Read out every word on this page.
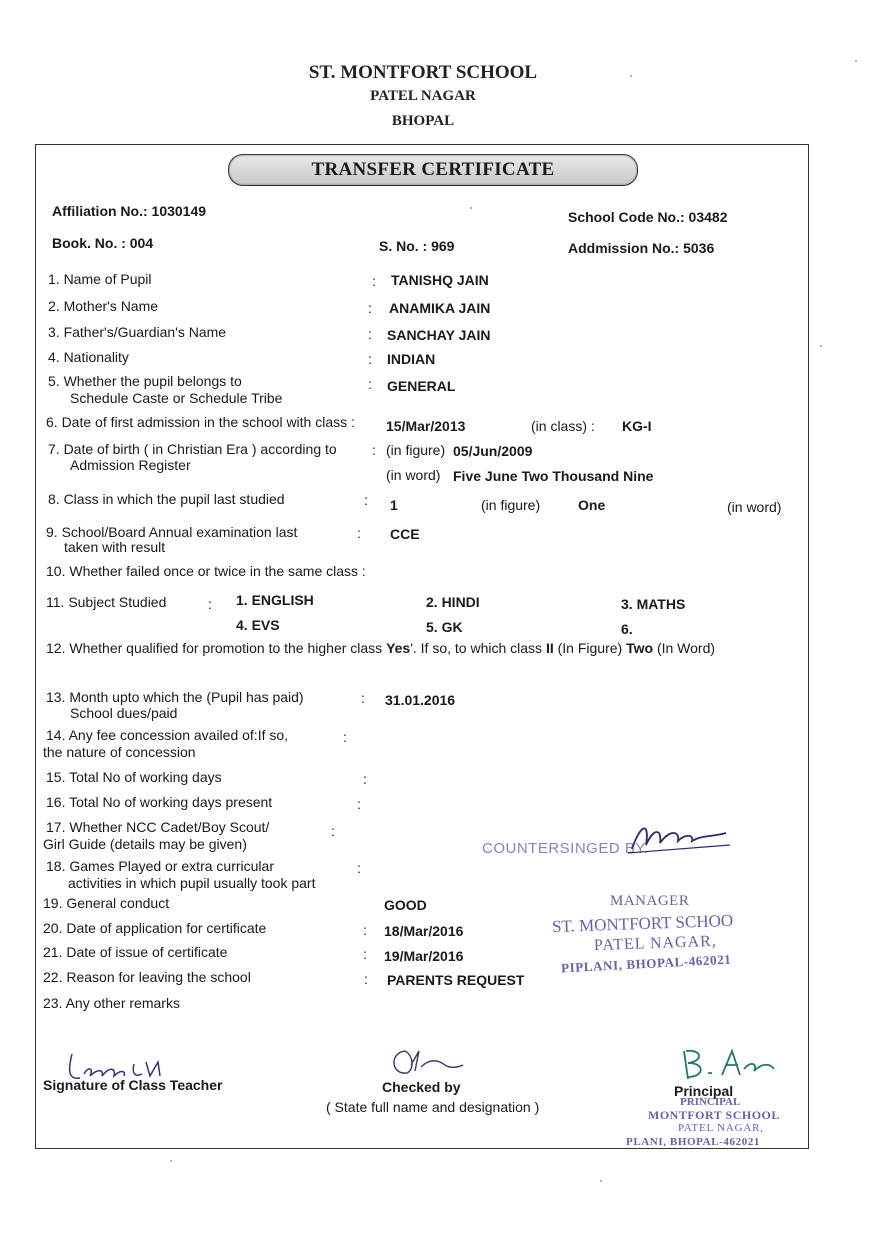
ST. MONTFORT SCHOOL
PATEL NAGAR
BHOPAL
TRANSFER CERTIFICATE
Affiliation No.: 1030149	School Code No.: 03482
Book. No. : 004	S. No. : 969	Addmission No.: 5036
1. Name of Pupil	: TANISHQ JAIN
2. Mother's Name	: ANAMIKA JAIN
3. Father's/Guardian's Name	: SANCHAY JAIN
4. Nationality	: INDIAN
5. Whether the pupil belongs to
Schedule Caste or Schedule Tribe
: GENERAL
6. Date of first admission in the school with class : 15/Mar/2013	(in class) : KG-I
7. Date of birth ( in Christian Era ) according to
Admission Register
: (in figure) 05/Jun/2009
(in word) Five June Two Thousand Nine
8. Class in which the pupil last studied	: 1	(in figure)	One	(in word)
9. School/Board Annual examination last
taken with result
: CCE
10. Whether failed once or twice in the same class :
11. Subject Studied	: 1. ENGLISH	2. HINDI	3. MATHS
4. EVS	5. GK	6.
12. Whether qualified for promotion to the higher class Yes'. If so, to which class II (In Figure) Two (In Word)
13. Month upto which the (Pupil has paid)
School dues/paid
: 31.01.2016
14. Any fee concession availed of:If so,
the nature of concession
:
15. Total No of working days	:
16. Total No of working days present	:
17. Whether NCC Cadet/Boy Scout/
Girl Guide (details may be given)
:
18. Games Played or extra curricular
activities in which pupil usually took part
:
19. General conduct	GOOD
20. Date of application for certificate	: 18/Mar/2016
21. Date of issue of certificate	: 19/Mar/2016
22. Reason for leaving the school	: PARENTS REQUEST
23. Any other remarks
COUNTERSINGED BY.
MANAGER
ST. MONTFORT SCHOO
PATEL NAGAR,
PIPLANI, BHOPAL-462021
Signature of Class Teacher	Checked by
( State full name and designation )
Principal
PRINCIPAL
MONTFORT SCHOOL
PATEL NAGAR,
PLANI, BHOPAL-462021
